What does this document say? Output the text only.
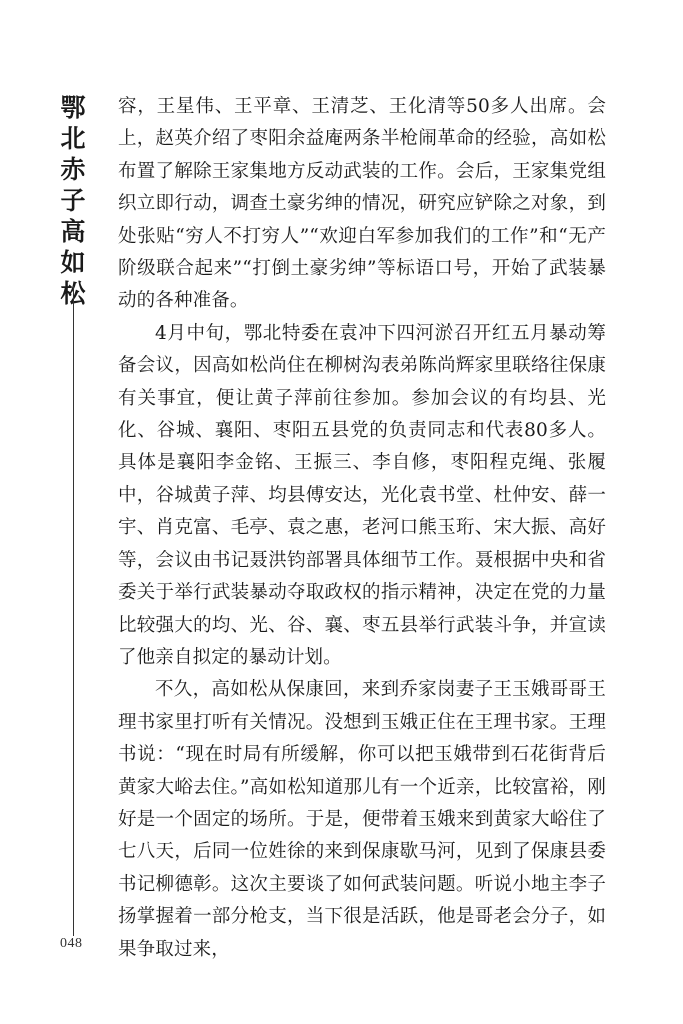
鄂北赤子高如松

容，王星伟、王平章、王清芝、王化清等50多人出席。会上，赵英介绍了枣阳余益庵两条半枪闹革命的经验，高如松布置了解除王家集地方反动武装的工作。会后，王家集党组织立即行动，调查土豪劣绅的情况，研究应铲除之对象，到处张贴“穷人不打穷人”“欢迎白军参加我们的工作”和“无产阶级联合起来”“打倒土豪劣绅”等标语口号，开始了武装暴动的各种准备。

4月中旬，鄂北特委在袁冲下四河淤召开红五月暴动筹备会议，因高如松尚住在柳树沟表弟陈尚辉家里联络往保康有关事宜，便让黄子萍前往参加。参加会议的有均县、光化、谷城、襄阳、枣阳五县党的负责同志和代表80多人。具体是襄阳李金铭、王振三、李自修，枣阳程克绳、张履中，谷城黄子萍、均县傅安达，光化袁书堂、杜仲安、薛一宇、肖克富、毛亭、袁之惠，老河口熊玉珩、宋大振、高好等，会议由书记聂洪钧部署具体细节工作。聂根据中央和省委关于举行武装暴动夺取政权的指示精神，决定在党的力量比较强大的均、光、谷、襄、枣五县举行武装斗争，并宣读了他亲自拟定的暴动计划。

不久，高如松从保康回，来到乔家岗妻子王玉娥哥哥王理书家里打听有关情况。没想到玉娥正住在王理书家。王理书说：“现在时局有所缓解，你可以把玉娥带到石花街背后黄家大峪去住。”高如松知道那儿有一个近亲，比较富裕，刚好是一个固定的场所。于是，便带着玉娥来到黄家大峪住了七八天，后同一位姓徐的来到保康歇马河，见到了保康县委书记柳德彰。这次主要谈了如何武装问题。听说小地主李子扬掌握着一部分枪支，当下很是活跃，他是哥老会分子，如果争取过来，

048
